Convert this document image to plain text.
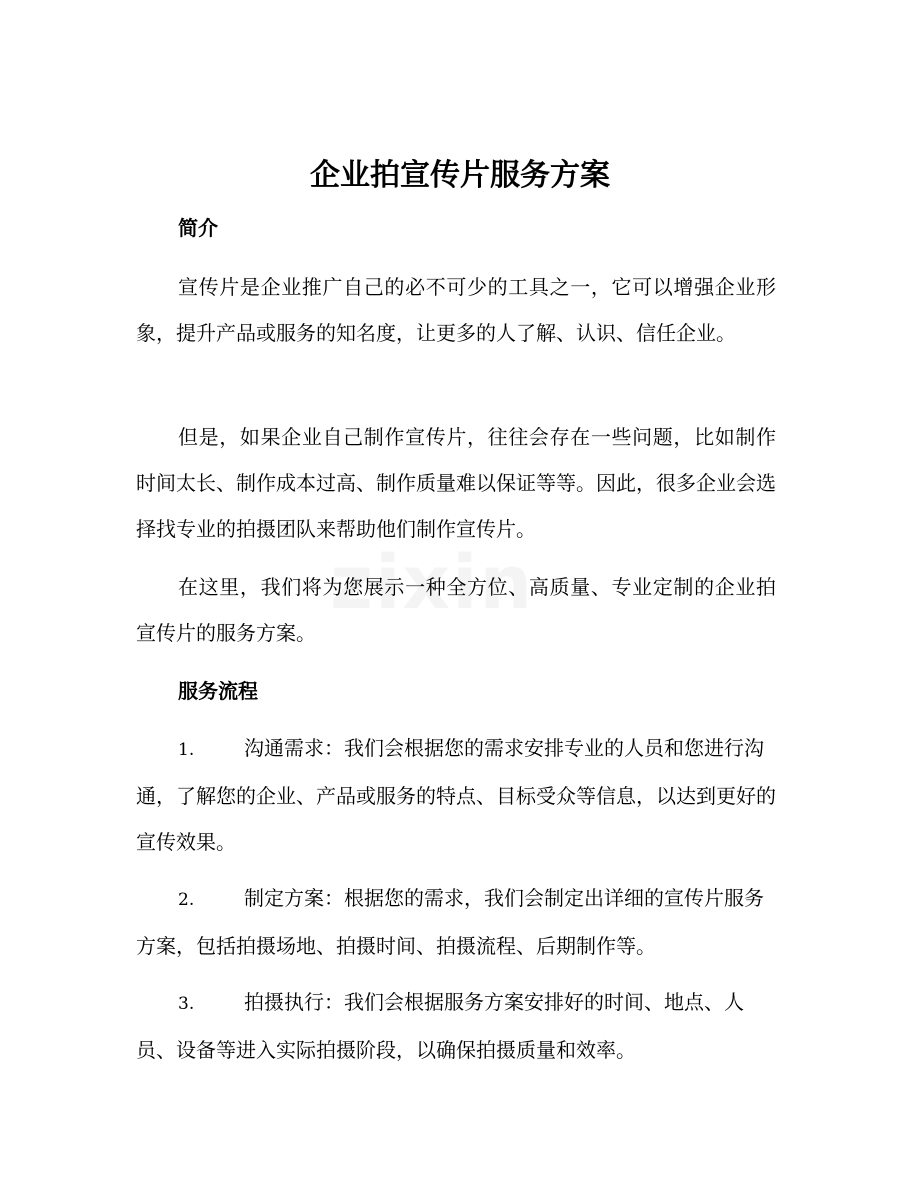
企业拍宣传片服务方案
简介
宣传片是企业推广自己的必不可少的工具之一，它可以增强企业形象，提升产品或服务的知名度，让更多的人了解、认识、信任企业。
但是，如果企业自己制作宣传片，往往会存在一些问题，比如制作时间太长、制作成本过高、制作质量难以保证等等。因此，很多企业会选择找专业的拍摄团队来帮助他们制作宣传片。
在这里，我们将为您展示一种全方位、高质量、专业定制的企业拍宣传片的服务方案。
服务流程
1. 沟通需求：我们会根据您的需求安排专业的人员和您进行沟通，了解您的企业、产品或服务的特点、目标受众等信息，以达到更好的宣传效果。
2. 制定方案：根据您的需求，我们会制定出详细的宣传片服务方案，包括拍摄场地、拍摄时间、拍摄流程、后期制作等。
3. 拍摄执行：我们会根据服务方案安排好的时间、地点、人员、设备等进入实际拍摄阶段，以确保拍摄质量和效率。
